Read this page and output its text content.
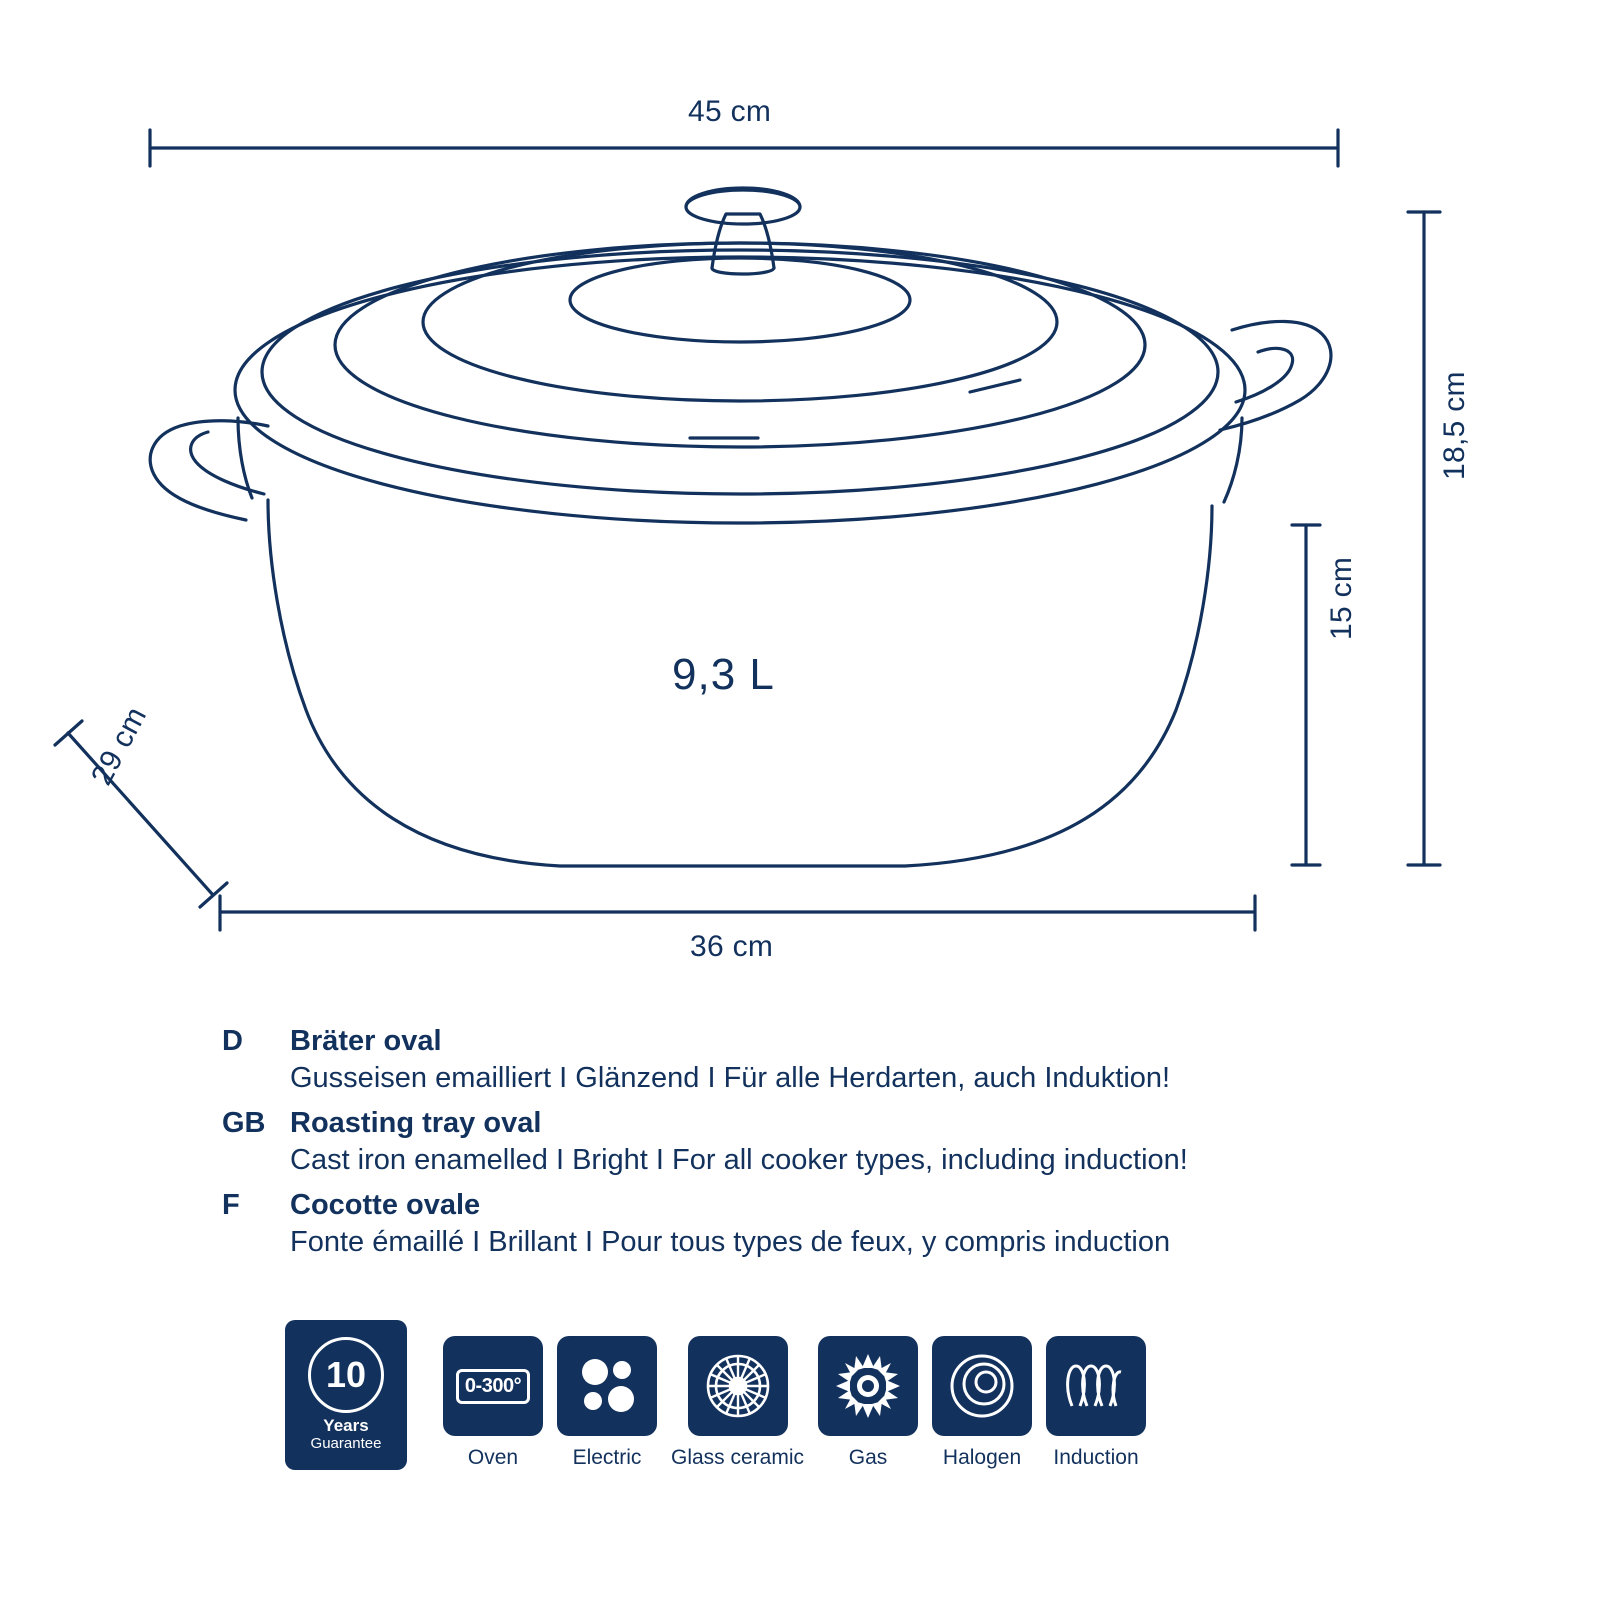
45 cm
36 cm
18,5 cm
15 cm
29 cm
9,3 L
D	Bräter oval

Gusseisen emailliert I Glänzend I Für alle Herdarten, auch Induktion!

GB Roasting tray oval

Cast iron enamelled I Bright I For all cooker types, including induction!

F	Cocotte ovale

Fonte émaillé I Brillant I Pour tous types de feux, y compris induction

10
Years
Guarantee
0-300°
Oven	Electric Glass ceramic Gas	Halogen Induction
